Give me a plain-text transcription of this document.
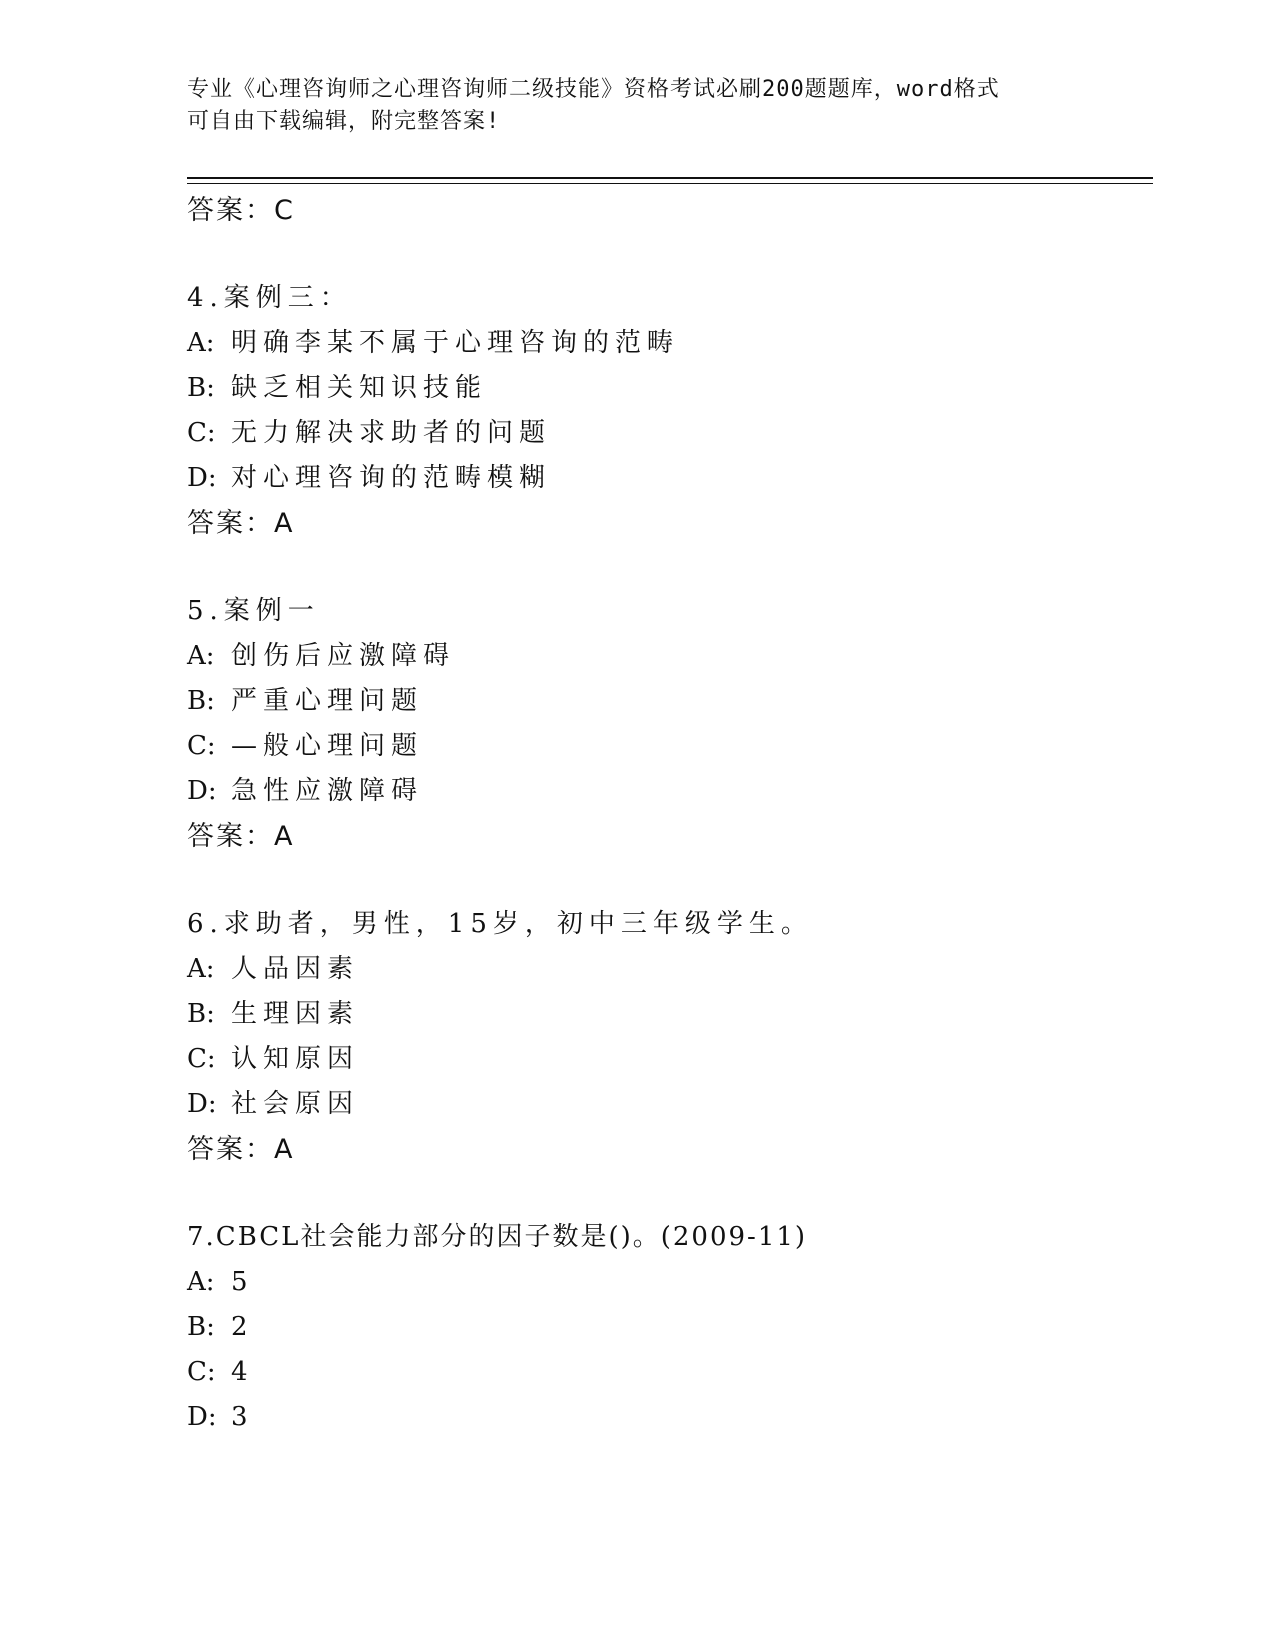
专业《心理咨询师之心理咨询师二级技能》资格考试必刷200题题库，word格式
可自由下载编辑，附完整答案!
答案：C
4.案例三：
A: 明确李某不属于心理咨询的范畴
B: 缺乏相关知识技能
C: 无力解决求助者的问题
D: 对心理咨询的范畴模糊
答案：A
5.案例一
A: 创伤后应激障碍
B: 严重心理问题
C: —般心理问题
D: 急性应激障碍
答案：A
6.求助者，男性，15岁，初中三年级学生。
A: 人品因素
B: 生理因素
C: 认知原因
D: 社会原因
答案：A
7.CBCL社会能力部分的因子数是()。(2009-11)
A: 5
B: 2
C: 4
D: 3
